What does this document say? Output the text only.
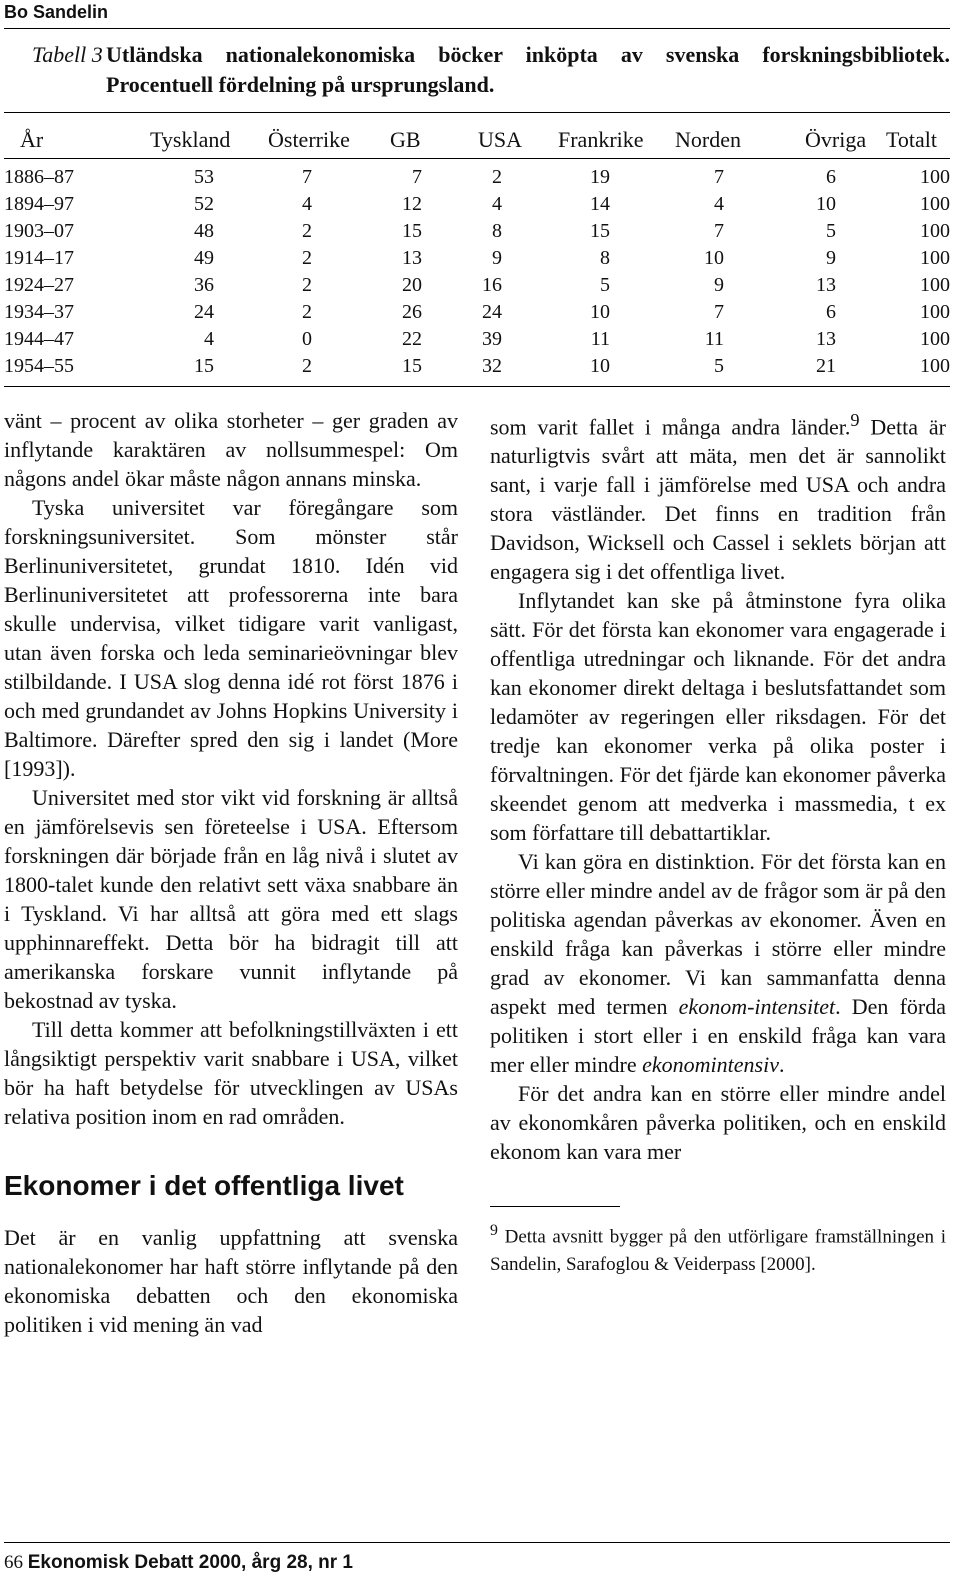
Bo Sandelin
Tabell 3 Utländska nationalekonomiska böcker inköpta av svenska forskningsbibliotek. Procentuell fördelning på ursprungsland.
År	Tyskland Österrike GB	USA Frankrike Norden	Övriga Totalt
1886–87	53	7	7	2	19	7	6	100
1894–97	52	4	12	4	14	4	10	100
1903–07	48	2	15	8	15	7	5	100
1914–17	49	2	13	9	8	10	9	100
1924–27	36	2	20	16	5	9	13	100
1934–37	24	2	26	24	10	7	6	100
1944–47	4	0	22	39	11	11	13	100
1954–55	15	2	15	32	10	5	21	100

vänt – procent av olika storheter – ger graden av inflytande karaktären av nollsummespel: Om någons andel ökar måste någon annans minska.

Tyska universitet var föregångare som forskningsuniversitet. Som mönster står Berlinuniversitetet, grundat 1810. Idén vid Berlinuniversitetet att professorerna inte bara skulle undervisa, vilket tidigare varit vanligast, utan även forska och leda seminarieövningar blev stilbildande. I USA slog denna idé rot först 1876 i och med grundandet av Johns Hopkins University i Baltimore. Därefter spred den sig i landet (More [1993]).

Universitet med stor vikt vid forskning är alltså en jämförelsevis sen företeelse i USA. Eftersom forskningen där började från en låg nivå i slutet av 1800-talet kunde den relativt sett växa snabbare än i Tyskland. Vi har alltså att göra med ett slags upphinnareffekt. Detta bör ha bidragit till att amerikanska forskare vunnit inflytande på bekostnad av tyska.

Till detta kommer att befolkningstillväxten i ett långsiktigt perspektiv varit snabbare i USA, vilket bör ha haft betydelse för utvecklingen av USAs relativa position inom en rad områden.

Ekonomer i det offentliga livet

Det är en vanlig uppfattning att svenska nationalekonomer har haft större inflytande på den ekonomiska debatten och den ekonomiska politiken i vid mening än vad

som varit fallet i många andra länder.$^9$ Detta är naturligtvis svårt att mäta, men det är sannolikt sant, i varje fall i jämförelse med USA och andra stora västländer. Det finns en tradition från Davidson, Wicksell och Cassel i seklets början att engagera sig i det offentliga livet.

Inflytandet kan ske på åtminstone fyra olika sätt. För det första kan ekonomer vara engagerade i offentliga utredningar och liknande. För det andra kan ekonomer direkt deltaga i beslutsfattandet som ledamöter av regeringen eller riksdagen. För det tredje kan ekonomer verka på olika poster i förvaltningen. För det fjärde kan ekonomer påverka skeendet genom att medverka i massmedia, t ex som författare till debattartiklar.

Vi kan göra en distinktion. För det första kan en större eller mindre andel av de frågor som är på den politiska agendan påverkas av ekonomer. Även en enskild fråga kan påverkas i större eller mindre grad av ekonomer. Vi kan sammanfatta denna aspekt med termen ekonom-intensitet. Den förda politiken i stort eller i en enskild fråga kan vara mer eller mindre ekonomintensiv.

För det andra kan en större eller mindre andel av ekonomkåren påverka politiken, och en enskild ekonom kan vara mer

$^9$ Detta avsnitt bygger på den utförligare framställningen i Sandelin, Sarafoglou & Veiderpass [2000].
66 Ekonomisk Debatt 2000, årg 28, nr 1
